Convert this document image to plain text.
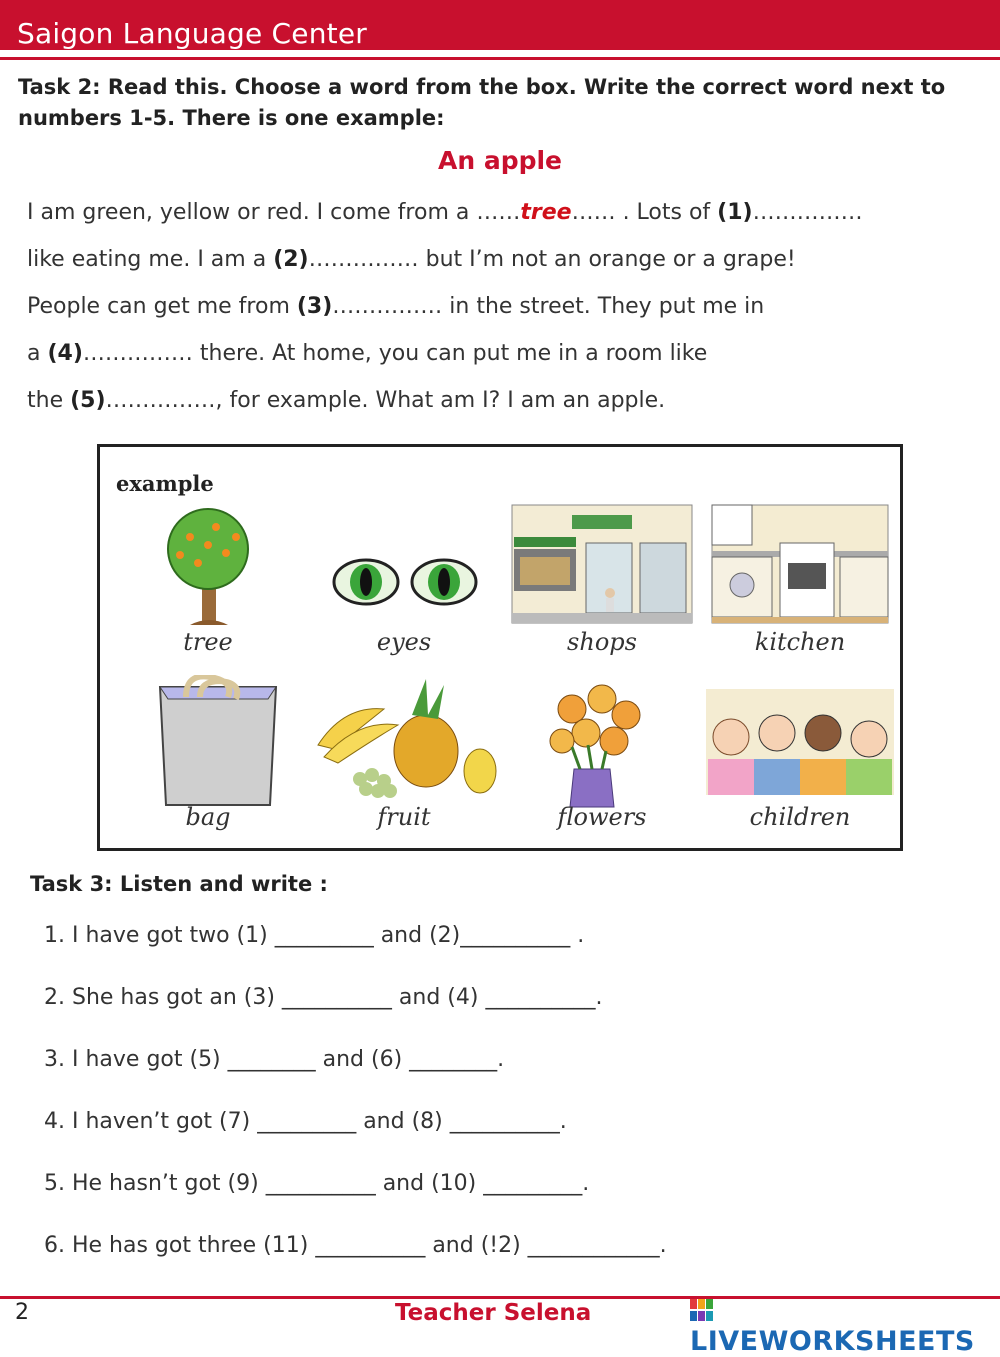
Saigon Language Center
Task 2: Read this. Choose a word from the box. Write the correct word next to numbers 1-5. There is one example:
An apple
I am green, yellow or red. I come from a ……tree…… . Lots of (1)……………
like eating me. I am a (2)…………… but I’m not an orange or a grape!
People can get me from (3)…………… in the street. They put me in
a (4)…………… there. At home, you can put me in a room like
the (5)……………, for example. What am I? I am an apple.
example
tree	eyes	shops	kitchen
bag	fruit	flowers	children
Task 3: Listen and write :
1. I have got two (1) _________ and (2)__________ .
2. She has got an (3) __________ and (4) __________.
3. I have got (5) ________ and (6) ________.
4. I haven’t got (7) _________ and (8) __________.
5. He hasn’t got (9) __________ and (10) _________.
6. He has got three (11) __________ and (!2) ____________.
2	Teacher Selena
LIVEWORKSHEETS
